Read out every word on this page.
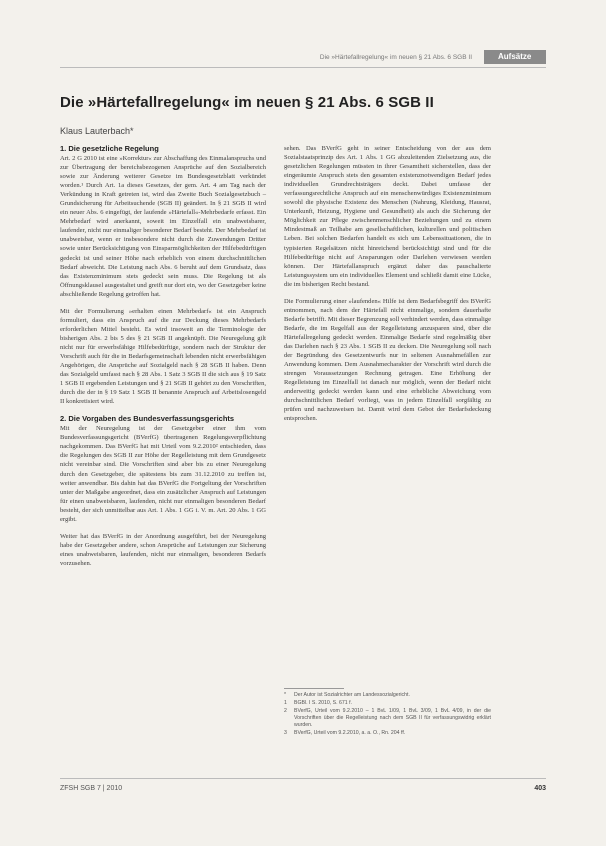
Die »Härtefallregelung« im neuen § 21 Abs. 6 SGB II	Aufsätze
Die »Härtefallregelung« im neuen § 21 Abs. 6 SGB II
Klaus Lauterbach*
1. Die gesetzliche Regelung

Art. 2 G 2010 ist eine »Korrektur« zur Abschaffung des Einmalanspruchs und zur Übertragung der bereichsbezogenen Ansprüche auf den Sozialbereich sowie zur Änderung weiterer Gesetze im Bundesgesetzblatt verkündet worden.¹ Durch Art. 1a dieses Gesetzes, der gem. Art. 4 am Tag nach der Verkündung in Kraft getreten ist, wird das Zweite Buch Sozialgesetzbuch – Grundsicherung für Arbeitsuchende (SGB II) geändert. In § 21 SGB II wird ein neuer Abs. 6 eingefügt, der laufende »Härtefall«-Mehrbedarfe erfasst. Ein Mehrbedarf wird anerkannt, soweit im Einzelfall ein unabweisbarer, laufender, nicht nur einmaliger besonderer Bedarf besteht. Der Mehrbedarf ist unabweisbar, wenn er insbesondere nicht durch die Zuwendungen Dritter sowie unter Berücksichtigung von Einsparmöglichkeiten der Hilfebedürftigen gedeckt ist und seiner Höhe nach erheblich von einem durchschnittlichen Bedarf abweicht. Die Leistung nach Abs. 6 beruht auf dem Grundsatz, dass das Existenzminimum stets gedeckt sein muss. Die Regelung ist als Öffnungsklausel ausgestaltet und greift nur dort ein, wo der Gesetzgeber keine abschließende Regelung getroffen hat.

Mit der Formulierung »erhalten einen Mehrbedarf« ist ein Anspruch formuliert, dass ein Anspruch auf die zur Deckung dieses Mehrbedarfs erforderlichen Mittel besteht. Es wird insoweit an die Terminologie der bisherigen Abs. 2 bis 5 des § 21 SGB II angeknüpft. Die Neuregelung gilt nicht nur für erwerbsfähige Hilfebedürftige, sondern nach der Struktur der Vorschrift auch für die in Bedarfsgemeinschaft lebenden nicht erwerbsfähigen Angehörigen, die Ansprüche auf Sozialgeld nach § 28 SGB II haben. Denn das Sozialgeld umfasst nach § 28 Abs. 1 Satz 3 SGB II die sich aus § 19 Satz 1 SGB II ergebenden Leistungen und § 21 SGB II gehört zu den Vorschriften, durch die der in § 19 Satz 1 SGB II benannte Anspruch auf Arbeitslosengeld II konkretisiert wird.

2. Die Vorgaben des Bundesverfassungsgerichts

Mit der Neuregelung ist der Gesetzgeber einer ihm vom Bundesverfassungsgericht (BVerfG) übertragenen Regelungsverpflichtung nachgekommen. Das BVerfG hat mit Urteil vom 9.2.2010² entschieden, dass die Regelungen des SGB II zur Höhe der Regelleistung mit dem Grundgesetz nicht vereinbar sind. Die Vorschriften sind aber bis zu einer Neuregelung durch den Gesetzgeber, die spätestens bis zum 31.12.2010 zu treffen ist, weiter anwendbar. Bis dahin hat das BVerfG die Fortgeltung der Vorschriften unter der Maßgabe angeordnet, dass ein zusätzlicher Anspruch auf Leistungen für einen unabweisbaren, laufenden, nicht nur einmaligen besonderen Bedarf besteht, der sich unmittelbar aus Art. 1 Abs. 1 GG i. V. m. Art. 20 Abs. 1 GG ergibt.

Weiter hat das BVerfG in der Anordnung ausgeführt, bei der Neuregelung habe der Gesetzgeber andere, schon Ansprüche auf Leistungen zur Sicherung eines unabweisbaren, laufenden, nicht nur einmaligen, besonderen Bedarfs vorzusehen.

sehen. Das BVerfG geht in seiner Entscheidung von der aus dem Sozialstaatsprinzip des Art. 1 Abs. 1 GG abzuleitenden Zielsetzung aus, die gesetzlichen Regelungen müssten in ihrer Gesamtheit sicherstellen, dass der eingeräumte Anspruch stets den gesamten existenznotwendigen Bedarf jedes individuellen Grundrechtsträgers deckt. Dabei umfasse der verfassungsrechtliche Anspruch auf ein menschenwürdiges Existenzminimum sowohl die physische Existenz des Menschen (Nahrung, Kleidung, Hausrat, Unterkunft, Heizung, Hygiene und Gesundheit) als auch die Sicherung der Möglichkeit zur Pflege zwischenmenschlicher Beziehungen und zu einem Mindestmaß an Teilhabe am gesellschaftlichen, kulturellen und politischen Leben. Bei solchen Bedarfen handelt es sich um Lebenssituationen, die in typisierten Regelsätzen nicht hinreichend berücksichtigt sind und für die Hilfebedürftige nicht auf Ansparungen oder Darlehen verwiesen werden können. Der Härtefallanspruch ergänzt daher das pauschalierte Leistungssystem um ein individuelles Element und schließt damit eine Lücke, die im bisherigen Recht bestand.

Die Formulierung einer »laufenden« Hilfe ist dem Bedarfsbegriff des BVerfG entnommen, nach dem der Härtefall nicht einmalige, sondern dauerhafte Bedarfe betrifft. Mit dieser Begrenzung soll verhindert werden, dass einmalige Bedarfe, die im Regelfall aus der Regelleistung anzusparen sind, über die Härtefallregelung gedeckt werden. Einmalige Bedarfe sind regelmäßig über das Darlehen nach § 23 Abs. 1 SGB II zu decken. Die Neuregelung soll nach der Begründung des Gesetzentwurfs nur in seltenen Ausnahmefällen zur Anwendung kommen. Dem Ausnahmecharakter der Vorschrift wird durch die strengen Voraussetzungen Rechnung getragen. Eine Erhöhung der Regelleistung im Einzelfall ist danach nur möglich, wenn der Bedarf nicht anderweitig gedeckt werden kann und eine erhebliche Abweichung vom durchschnittlichen Bedarf vorliegt, was in jedem Einzelfall sorgfältig zu prüfen und nachzuweisen ist. Damit wird dem Gebot der Bedarfsdeckung entsprochen.

*	Der Autor ist Sozialrichter am Landessozialgericht.
1	BGBl. I S. 2010, S. 671 f.
2	BVerfG, Urteil vom 9.2.2010 – 1 BvL 1/09, 1 BvL 3/09, 1 BvL 4/09, in der die Vorschriften über die Regelleistung nach dem SGB II für verfassungswidrig erklärt wurden.
3	BVerfG, Urteil vom 9.2.2010, a. a. O., Rn. 204 ff.
ZFSH SGB 7 | 2010	403
